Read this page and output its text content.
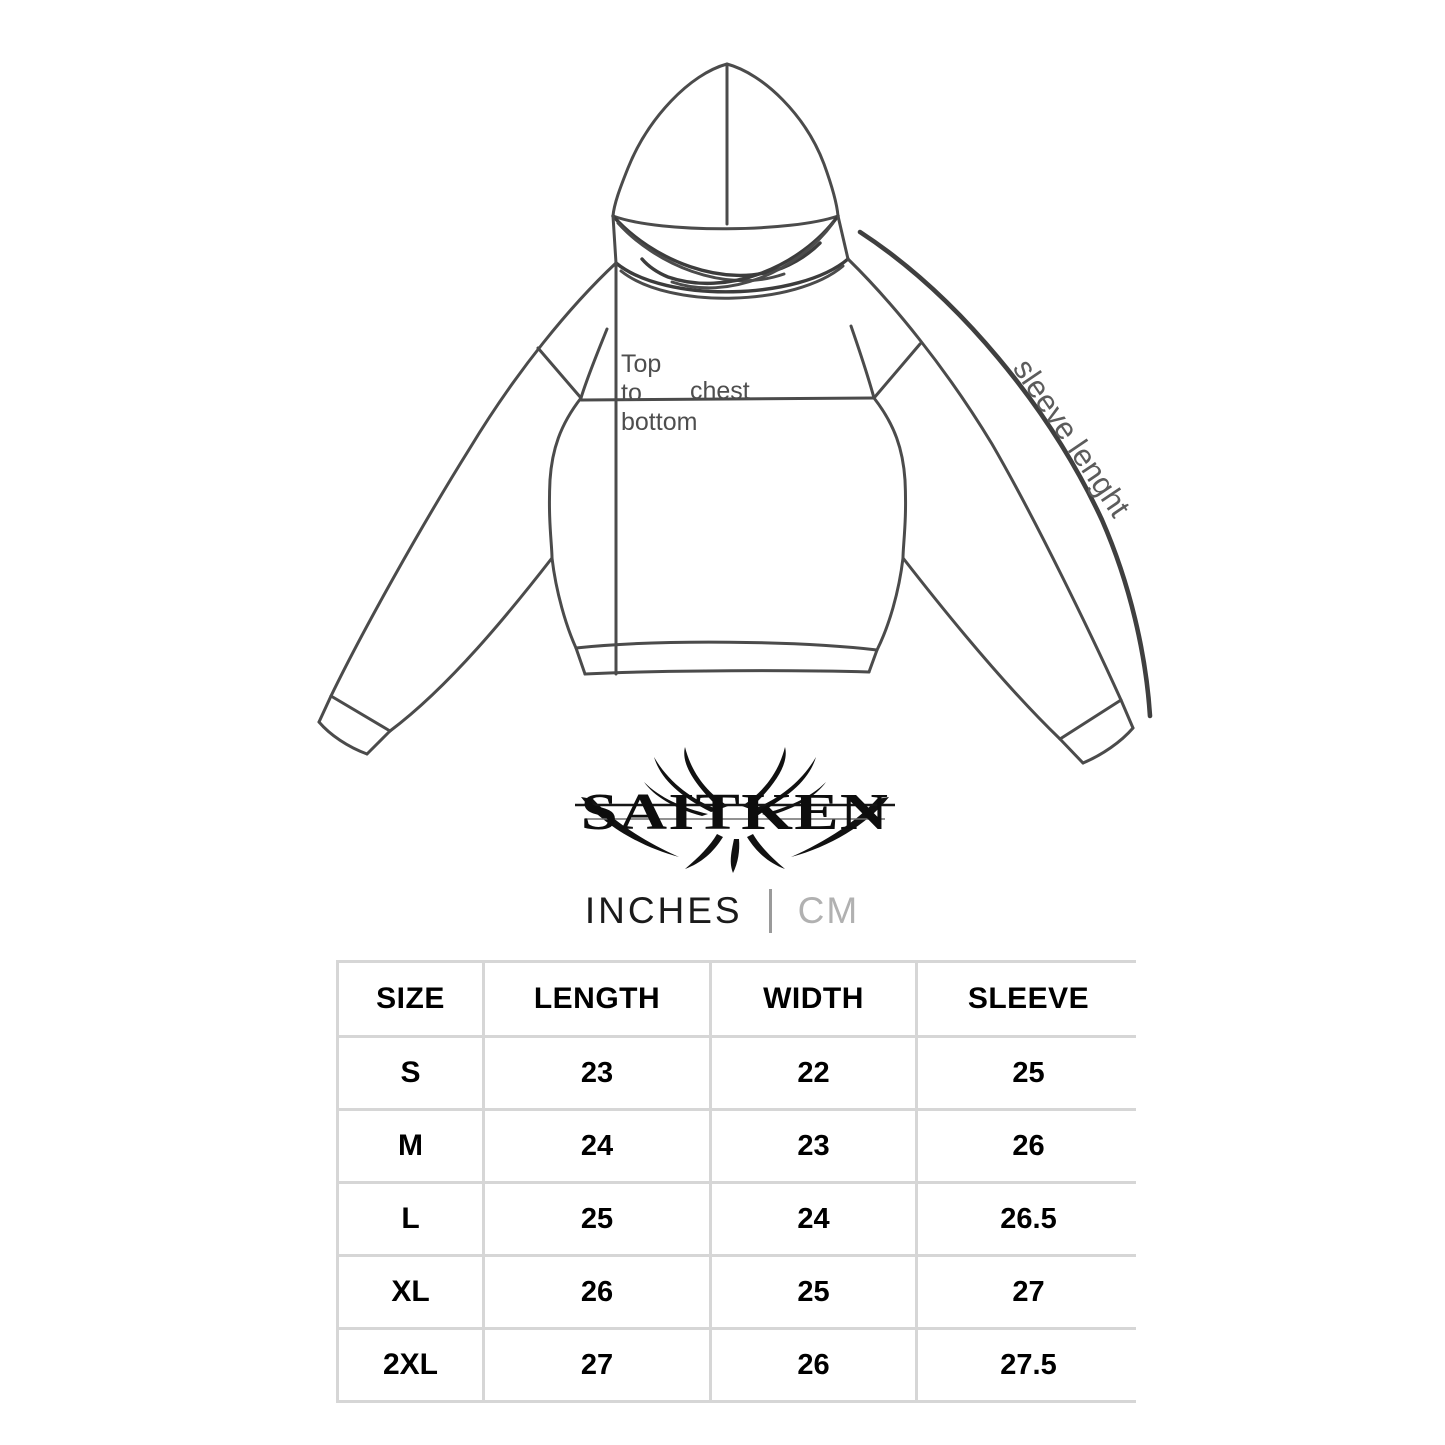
Top
to
bottom
chest	sleeve lenght
SAITKEN
INCHES CM
SIZE	LENGTH	WIDTH	SLEEVE
S	23	22	25
M	24	23	26
L	25	24	26.5
XL	26	25	27
2XL	27	26	27.5
